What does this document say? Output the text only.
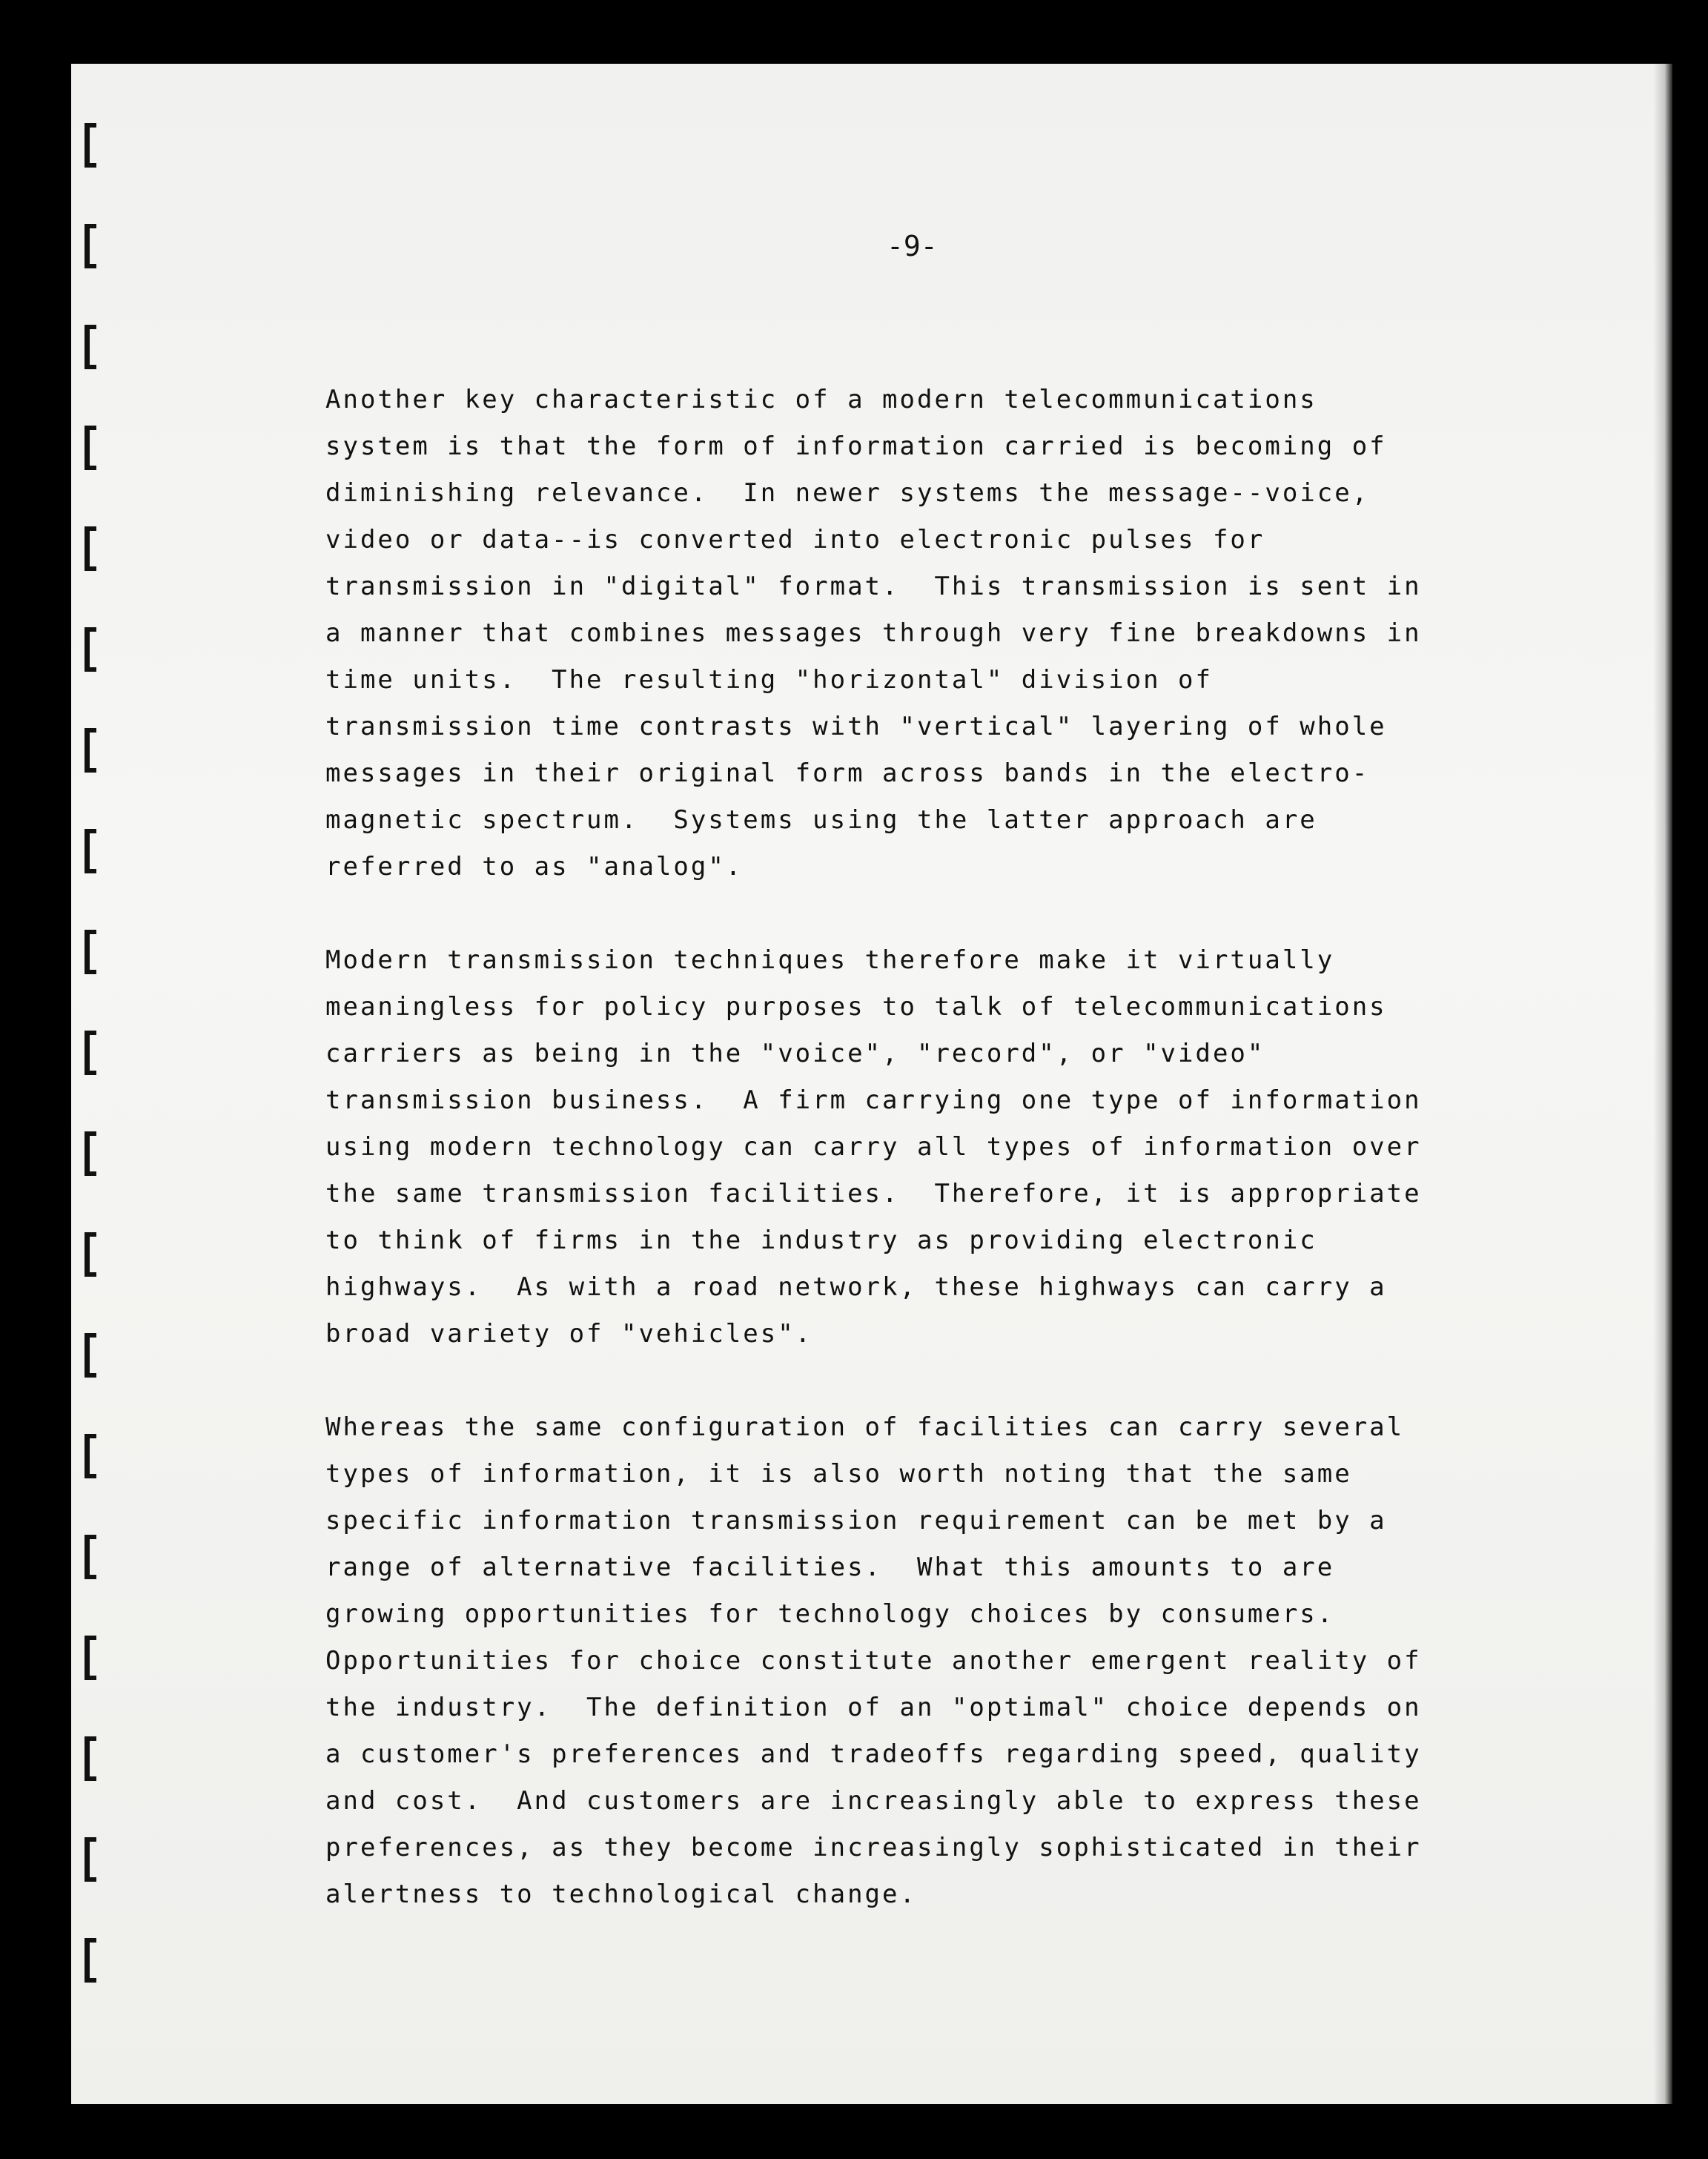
-9-
Another key characteristic of a modern telecommunications
system is that the form of information carried is becoming of
diminishing relevance.  In newer systems the message--voice,
video or data--is converted into electronic pulses for
transmission in "digital" format.  This transmission is sent in
a manner that combines messages through very fine breakdowns in
time units.  The resulting "horizontal" division of
transmission time contrasts with "vertical" layering of whole
messages in their original form across bands in the electro-
magnetic spectrum.  Systems using the latter approach are
referred to as "analog".
Modern transmission techniques therefore make it virtually
meaningless for policy purposes to talk of telecommunications
carriers as being in the "voice", "record", or "video"
transmission business.  A firm carrying one type of information
using modern technology can carry all types of information over
the same transmission facilities.  Therefore, it is appropriate
to think of firms in the industry as providing electronic
highways.  As with a road network, these highways can carry a
broad variety of "vehicles".
Whereas the same configuration of facilities can carry several
types of information, it is also worth noting that the same
specific information transmission requirement can be met by a
range of alternative facilities.  What this amounts to are
growing opportunities for technology choices by consumers.
Opportunities for choice constitute another emergent reality of
the industry.  The definition of an "optimal" choice depends on
a customer's preferences and tradeoffs regarding speed, quality
and cost.  And customers are increasingly able to express these
preferences, as they become increasingly sophisticated in their
alertness to technological change.
